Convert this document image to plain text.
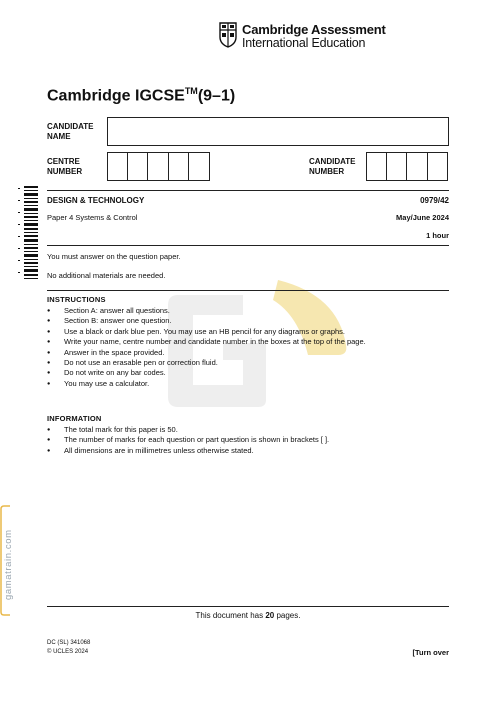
Cambridge Assessment
International Education
Cambridge IGCSE™(9–1)
CANDIDATE
NAME
CENTRE
NUMBER
CANDIDATE
NUMBER
DESIGN & TECHNOLOGY	0979/42
Paper 4 Systems & Control	May/June 2024
1 hour
You must answer on the question paper.
No additional materials are needed.
INSTRUCTIONS
● Section A: answer all questions.
● Section B: answer one question.
● Use a black or dark blue pen. You may use an HB pencil for any diagrams or graphs.
● Write your name, centre number and candidate number in the boxes at the top of the page.
● Answer in the space provided.
● Do not use an erasable pen or correction fluid.
● Do not write on any bar codes.
● You may use a calculator.
INFORMATION
● The total mark for this paper is 50.
● The number of marks for each question or part question is shown in brackets [ ].
● All dimensions are in millimetres unless otherwise stated.
gamatrain.com
This document has 20 pages.
DC (SL) 341068
© UCLES 2024	[Turn over
